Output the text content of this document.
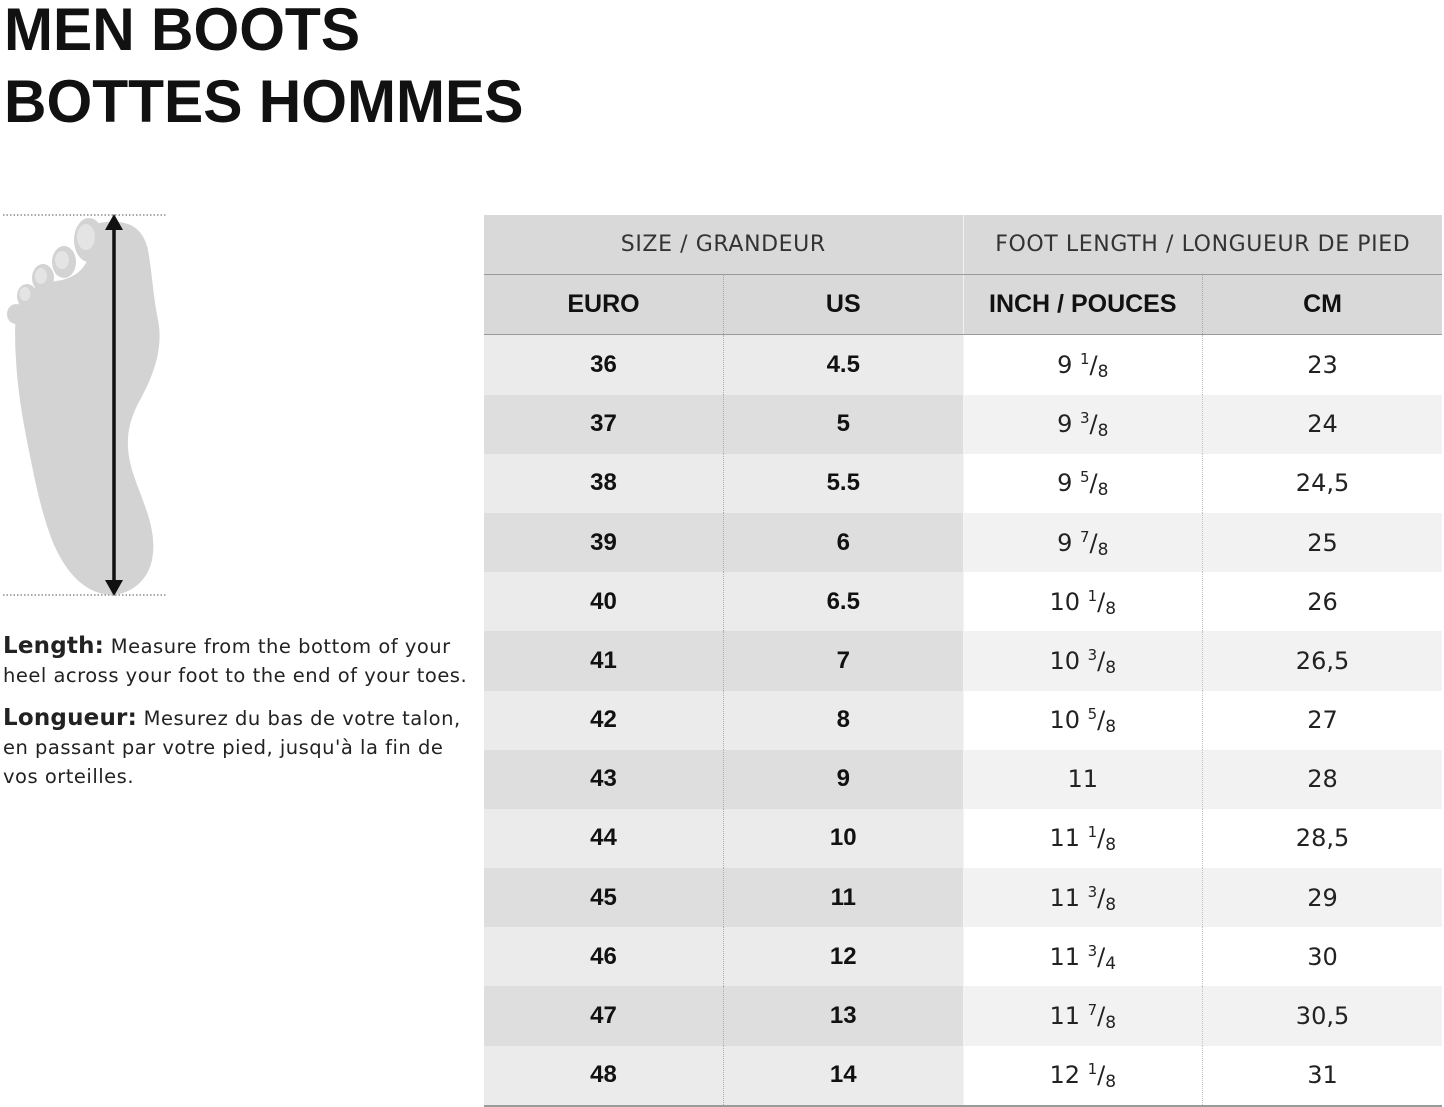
MEN BOOTS
BOTTES HOMMES

Length: Measure from the bottom of your heel across your foot to the end of your toes.

Longueur: Mesurez du bas de votre talon, en passant par votre pied, jusqu'à la fin de vos orteilles.

SIZE / GRANDEUR		FOOT LENGTH / LONGUEUR DE PIED	
EURO	US	INCH / POUCES	CM
36	4.5	9 $^1/_8$	23
37	5	9 $^3/_8$	24
38	5.5	9 $^5/_8$	24,5
39	6	9 $^7/_8$	25
40	6.5	10 $^1/_8$	26
41	7	10 $^3/_8$	26,5
42	8	10 $^5/_8$	27
43	9	11	28
44	10	11 $^1/_8$	28,5
45	11	11 $^3/_8$	29
46	12	11 $^3/_4$	30
47	13	11 $^7/_8$	30,5
48	14	12 $^1/_8$	31
